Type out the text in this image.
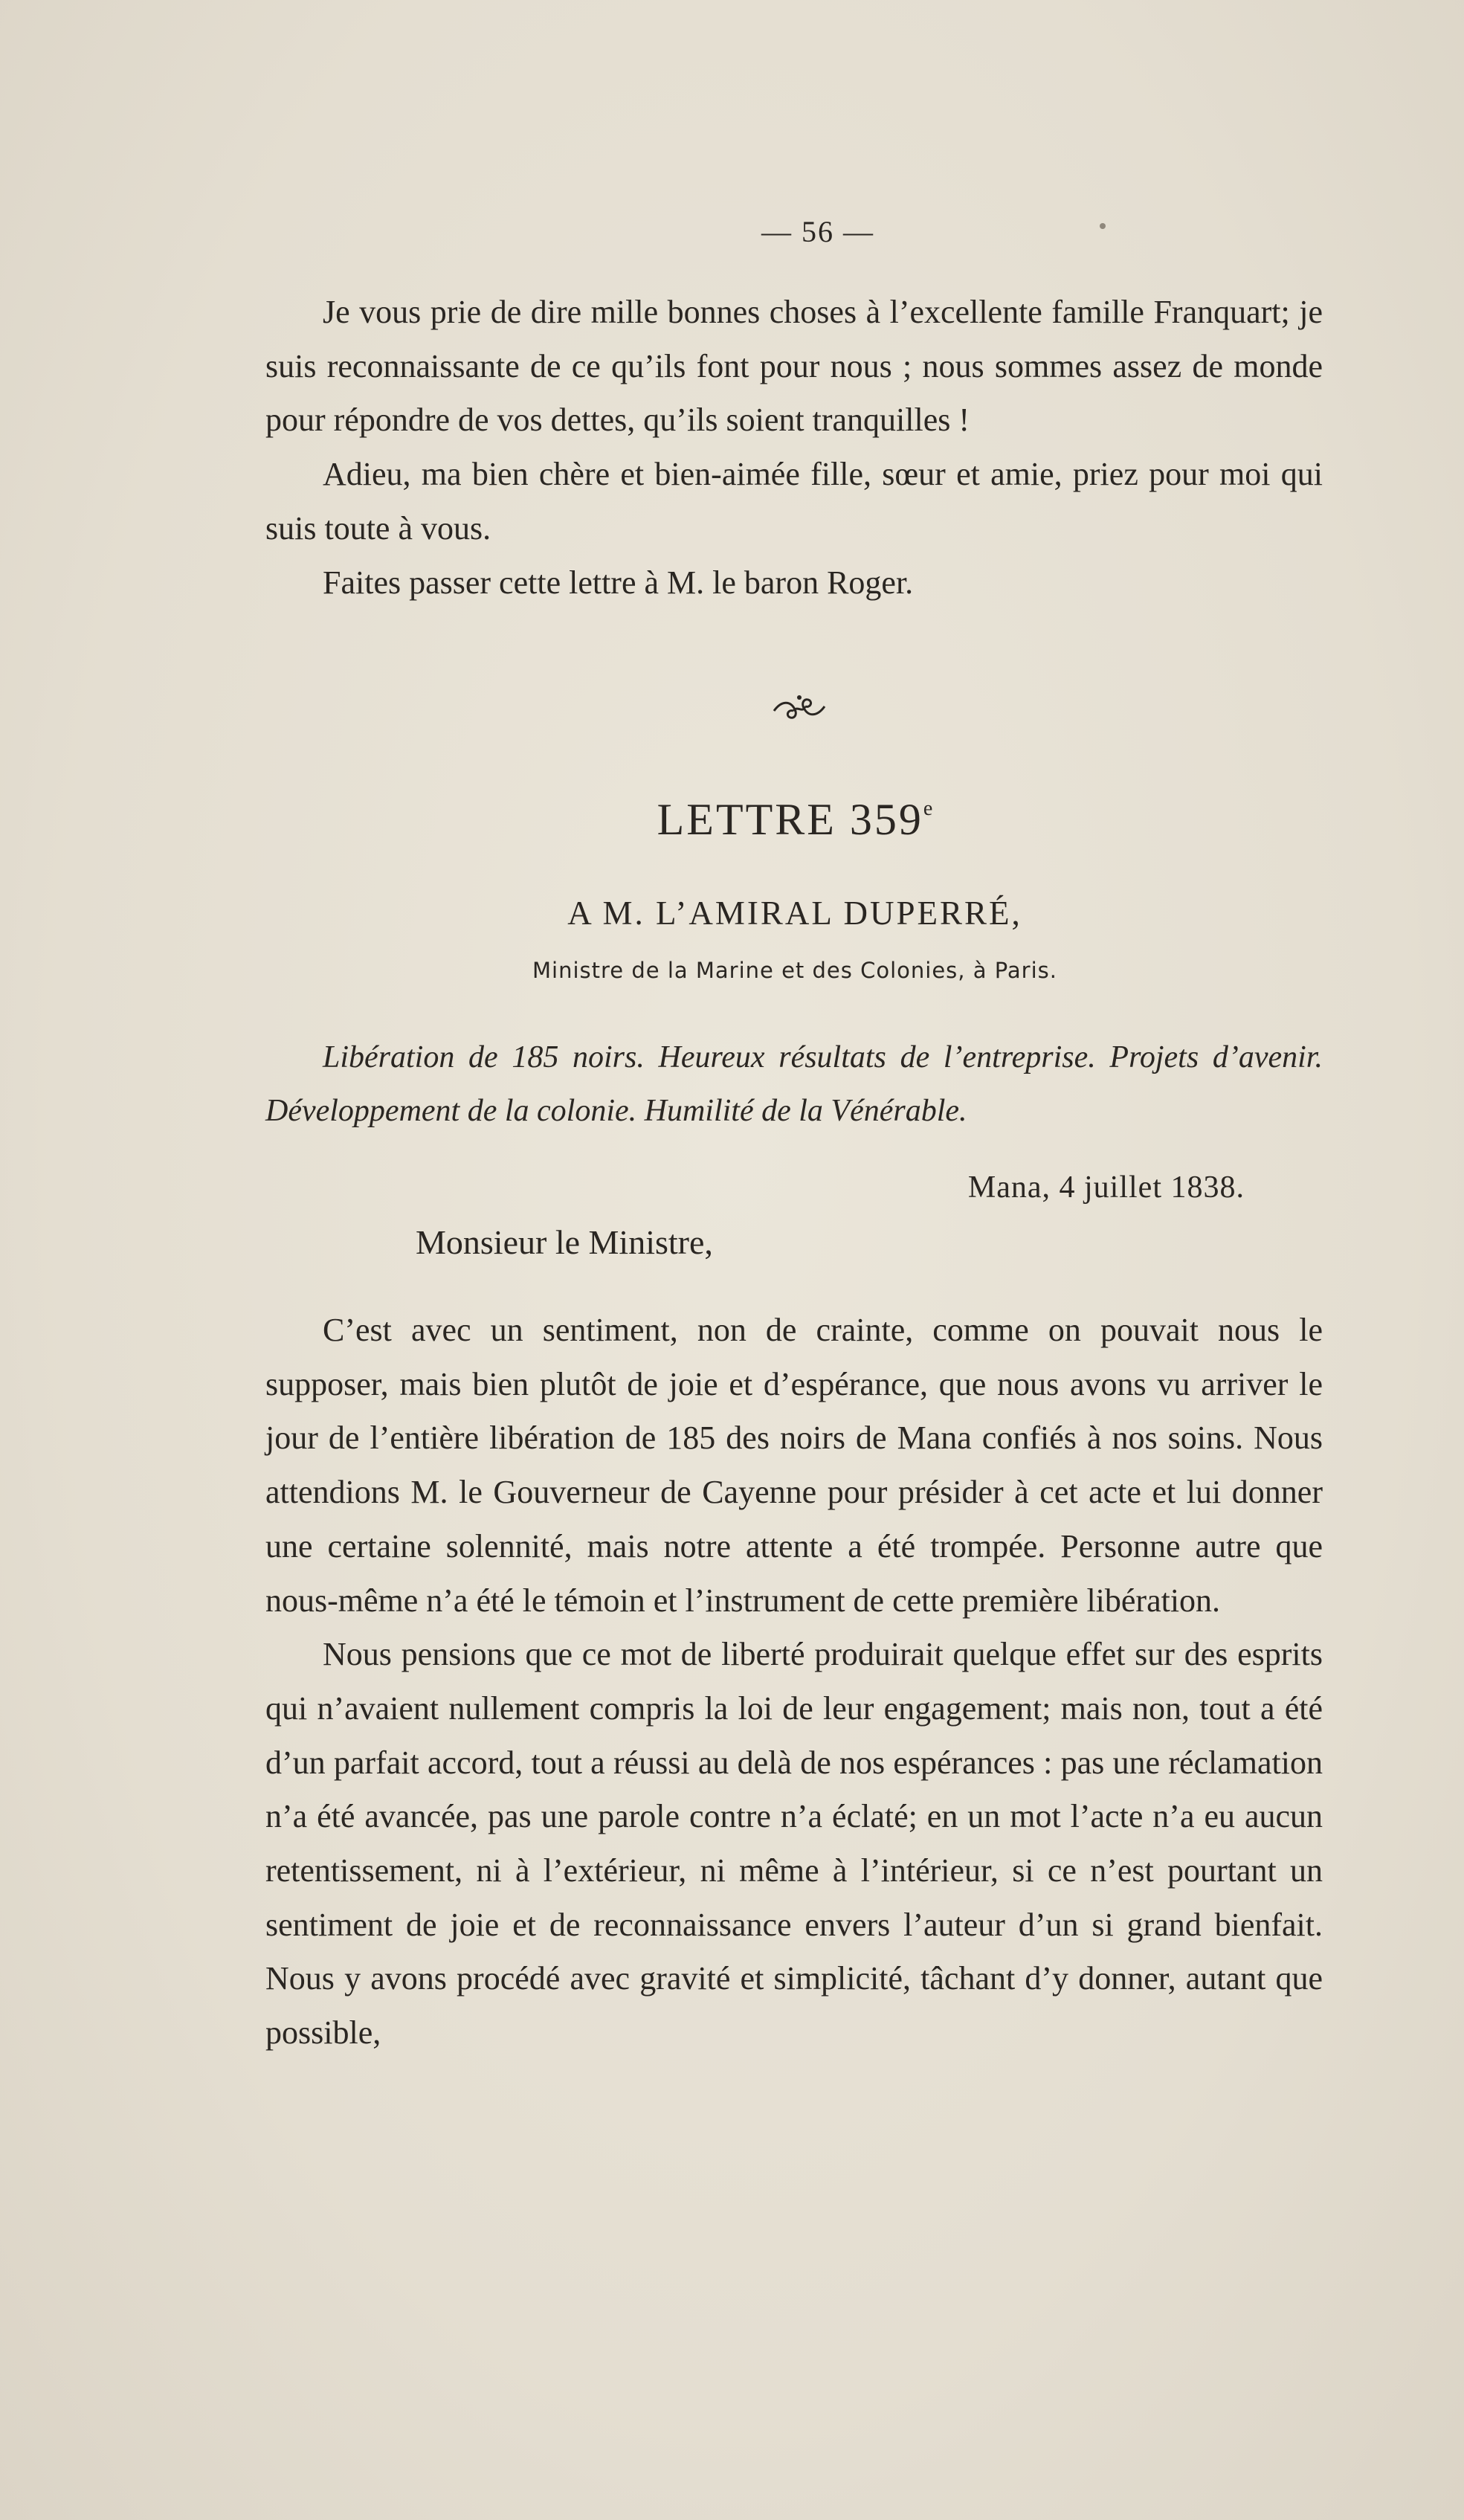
— 56 —

Je vous prie de dire mille bonnes choses à l’excellente famille Franquart; je suis reconnaissante de ce qu’ils font pour nous ; nous sommes assez de monde pour répondre de vos dettes, qu’ils soient tranquilles !

Adieu, ma bien chère et bien-aimée fille, sœur et amie, priez pour moi qui suis toute à vous.

Faites passer cette lettre à M. le baron Roger.

LETTRE 359e
A M. L’AMIRAL DUPERRÉ,
Ministre de la Marine et des Colonies, à Paris.
Libération de 185 noirs. Heureux résultats de l’entreprise. Projets d’avenir. Développement de la colonie. Humilité de la Vénérable.
Mana, 4 juillet 1838.
Monsieur le Ministre,

C’est avec un sentiment, non de crainte, comme on pouvait nous le supposer, mais bien plutôt de joie et d’espérance, que nous avons vu arriver le jour de l’entière libération de 185 des noirs de Mana confiés à nos soins. Nous attendions M. le Gouverneur de Cayenne pour présider à cet acte et lui donner une certaine solennité, mais notre attente a été trompée. Personne autre que nous-même n’a été le témoin et l’instrument de cette première libération.

Nous pensions que ce mot de liberté produirait quelque effet sur des esprits qui n’avaient nullement compris la loi de leur engagement; mais non, tout a été d’un parfait accord, tout a réussi au delà de nos espérances : pas une réclamation n’a été avancée, pas une parole contre n’a éclaté; en un mot l’acte n’a eu aucun retentissement, ni à l’extérieur, ni même à l’intérieur, si ce n’est pourtant un sentiment de joie et de reconnaissance envers l’auteur d’un si grand bienfait. Nous y avons procédé avec gravité et simplicité, tâchant d’y donner, autant que possible,
